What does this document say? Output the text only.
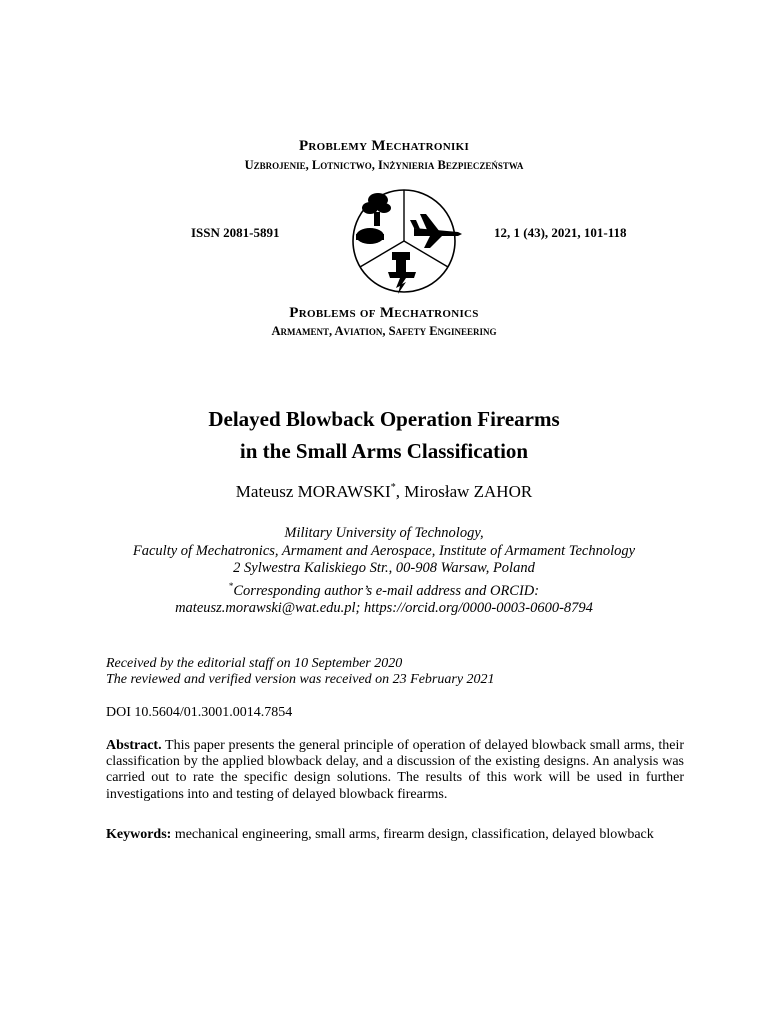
Problemy Mechatroniki
Uzbrojenie, Lotnictwo, Inżynieria Bezpieczeństwa
ISSN 2081-5891	12, 1 (43), 2021, 101-118
Problems of Mechatronics
Armament, Aviation, Safety Engineering
Delayed Blowback Operation Firearms
in the Small Arms Classification
Mateusz MORAWSKI*, Mirosław ZAHOR
Military University of Technology,
Faculty of Mechatronics, Armament and Aerospace, Institute of Armament Technology
2 Sylwestra Kaliskiego Str., 00-908 Warsaw, Poland
*Corresponding author’s e-mail address and ORCID:
mateusz.morawski@wat.edu.pl; https://orcid.org/0000-0003-0600-8794
Received by the editorial staff on 10 September 2020
The reviewed and verified version was received on 23 February 2021
DOI 10.5604/01.3001.0014.7854
Abstract. This paper presents the general principle of operation of delayed blowback small arms, their classification by the applied blowback delay, and a discussion of the existing designs. An analysis was carried out to rate the specific design solutions. The results of this work will be used in further investigations into and testing of delayed blowback firearms.
Keywords: mechanical engineering, small arms, firearm design, classification, delayed blowback
